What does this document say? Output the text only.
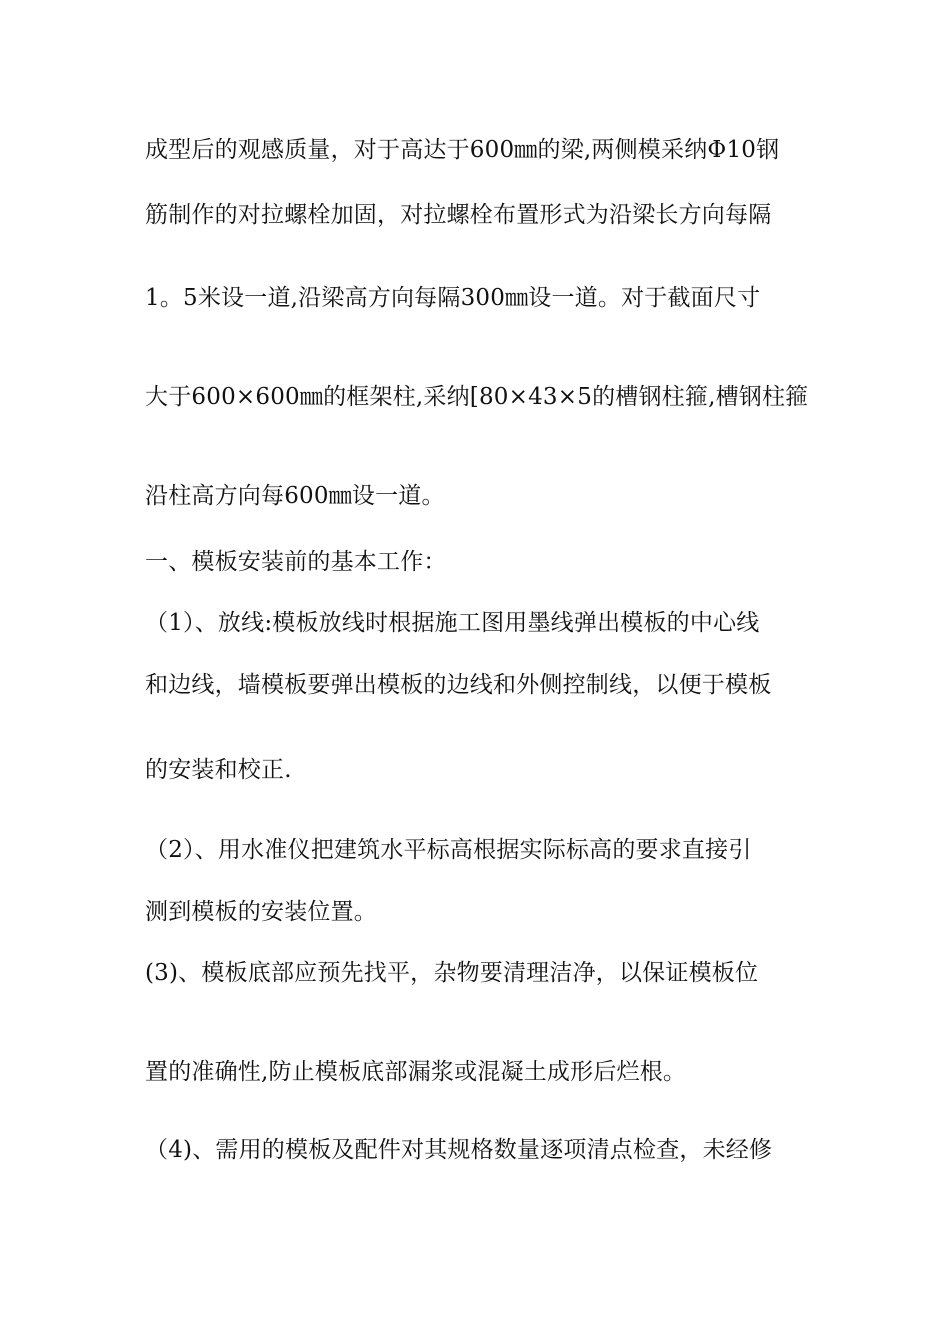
成型后的观感质量，对于高达于600㎜的梁,两侧模采纳Φ10钢
筋制作的对拉螺栓加固，对拉螺栓布置形式为沿梁长方向每隔
1。5米设一道,沿梁高方向每隔300㎜设一道。对于截面尺寸
大于600×600㎜的框架柱,采纳[80×43×5的槽钢柱箍,槽钢柱箍
沿柱高方向每600㎜设一道。
一、模板安装前的基本工作：
（1）、放线:模板放线时根据施工图用墨线弹出模板的中心线
和边线，墙模板要弹出模板的边线和外侧控制线，以便于模板
的安装和校正.
（2）、用水准仪把建筑水平标高根据实际标高的要求直接引
测到模板的安装位置。
(3)、模板底部应预先找平，杂物要清理洁净，以保证模板位
置的准确性,防止模板底部漏浆或混凝土成形后烂根。
（4)、需用的模板及配件对其规格数量逐项清点检查，未经修
